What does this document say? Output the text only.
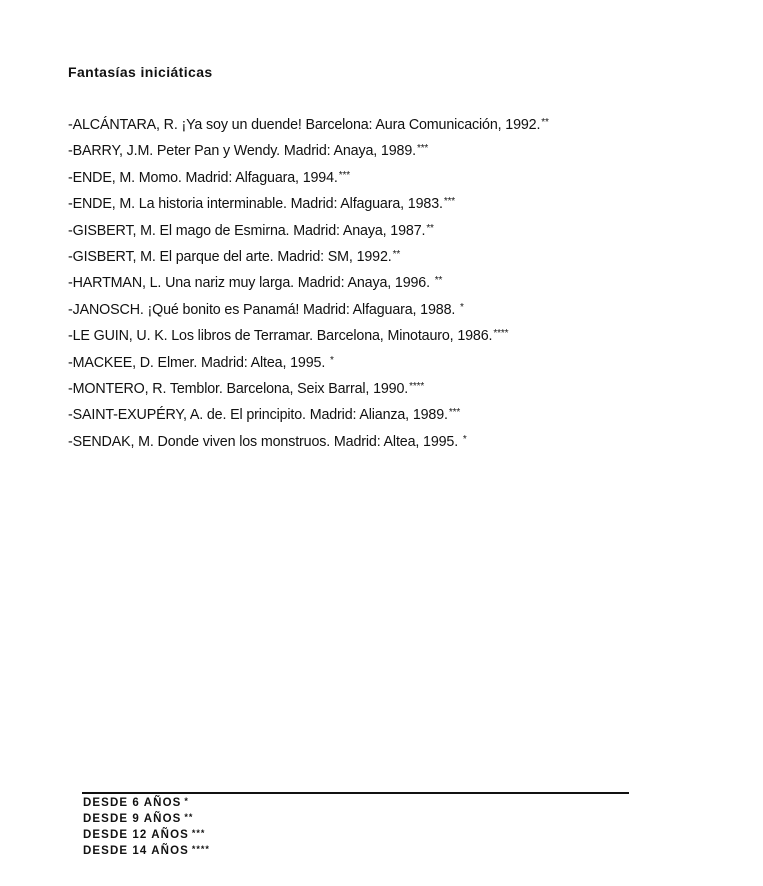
Fantasías iniciáticas
-ALCÁNTARA, R. ¡Ya soy un duende! Barcelona: Aura Comunicación, 1992.**
-BARRY, J.M. Peter Pan y Wendy. Madrid: Anaya, 1989.***
-ENDE, M. Momo. Madrid: Alfaguara, 1994.***
-ENDE, M. La historia interminable. Madrid: Alfaguara, 1983.***
-GISBERT, M. El mago de Esmirna. Madrid: Anaya, 1987.**
-GISBERT, M. El parque del arte. Madrid: SM, 1992.**
-HARTMAN, L. Una nariz muy larga. Madrid: Anaya, 1996. **
-JANOSCH. ¡Qué bonito es Panamá! Madrid: Alfaguara, 1988. *
-LE GUIN, U. K. Los libros de Terramar. Barcelona, Minotauro, 1986.****
-MACKEE, D. Elmer. Madrid: Altea, 1995. *
-MONTERO, R. Temblor. Barcelona, Seix Barral, 1990.****
-SAINT-EXUPÉRY, A. de. El principito. Madrid: Alianza, 1989.***
-SENDAK, M. Donde viven los monstruos. Madrid: Altea, 1995. *
DESDE 6 AÑOS *
DESDE 9 AÑOS **
DESDE 12 AÑOS ***
DESDE 14 AÑOS ****
